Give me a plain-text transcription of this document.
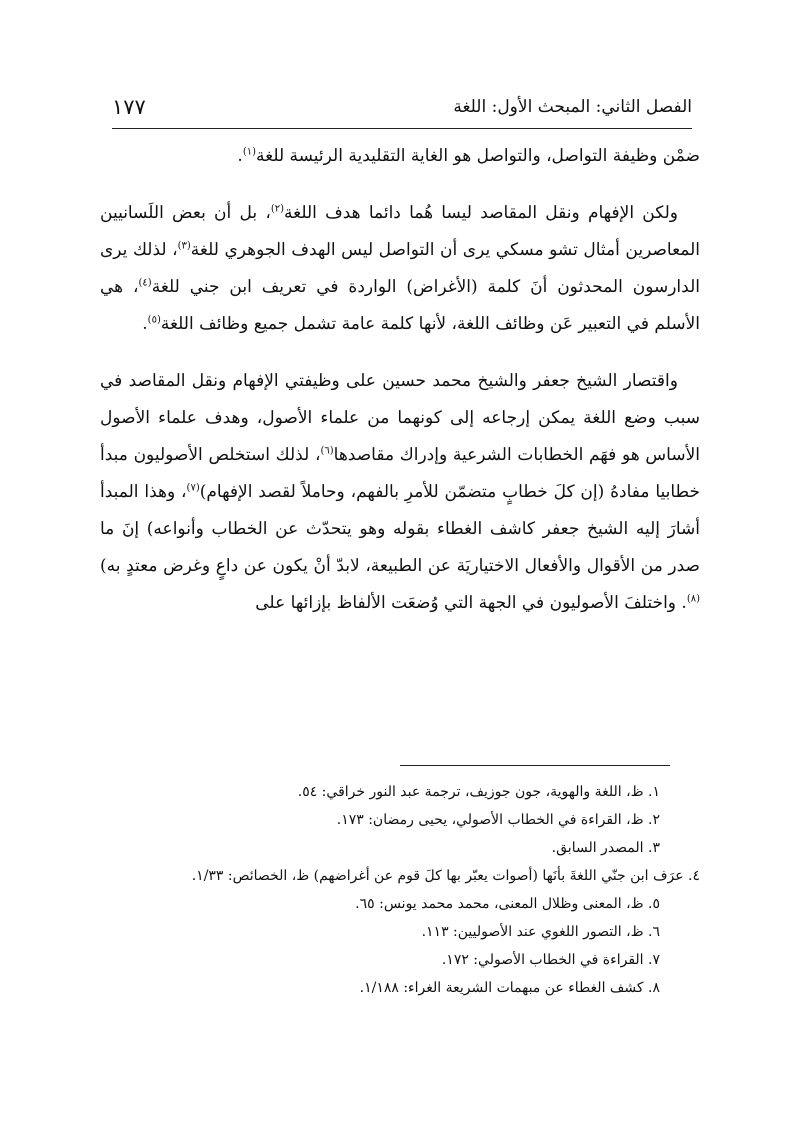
الفصل الثاني: المبحث الأول: اللغة
١٧٧

ضمْن وظيفة التواصل، والتواصل هو الغاية التقليدية الرئيسة للغة$^{(١)}$.

ولكن الإفهام ونقل المقاصد ليسا هُما دائما هدف اللغة$^{(٢)}$، بل أن بعض اللَسانيين المعاصرين أمثال تشو مسكي يرى أن التواصل ليس الهدف الجوهري للغة$^{(٣)}$، لذلك يرى الدارسون المحدثون أنَ كلمة (الأغراض) الواردة في تعريف ابن جني للغة$^{(٤)}$، هي الأسلم في التعبير عَن وظائف اللغة، لأنها كلمة عامة تشمل جميع وظائف اللغة$^{(٥)}$.

واقتصار الشيخ جعفر والشيخ محمد حسين على وظيفتي الإفهام ونقل المقاصد في سبب وضع اللغة يمكن إرجاعه إلى كونهما من علماء الأصول، وهدف علماء الأصول الأساس هو فهَم الخطابات الشرعية وإدراك مقاصدها$^{(٦)}$، لذلك استخلص الأصوليون مبدأ خطابيا مفادهُ (إن كلَ خطابٍ متضمّن للأمرِ بالفهم، وحاملاً لقصد الإفهام)$^{(٧)}$، وهذا المبدأ أشارَ إليه الشيخ جعفر كاشف الغطاء بقوله وهو يتحدّث عن الخطاب وأنواعه) إنَ ما صدر من الأقوال والأفعال الاختياريَة عن الطبيعة، لابدّ أنْ يكون عن داعٍ وغرض معتدٍ به)$^{(٨)}$. واختلفَ الأصوليون في الجهة التي وُضعَت الألفاظ بإزائها على

١. ظ، اللغة والهوية، جون جوزيف، ترجمة عبد النور خراقي: ٥٤.
٢. ظ، القراءة في الخطاب الأصولي، يحيى رمضان: ١٧٣.
٣. المصدر السابق.
٤. عرَف ابن جنّي اللغةَ بأنَها (أصوات يعبّر بها كلَ قوم عن أغراضهم) ظ، الخصائص: ١/٣٣.
٥. ظ، المعنى وظلال المعنى، محمد محمد يونس: ٦٥.
٦. ظ، التصور اللغوي عند الأصوليين: ١١٣.
٧. القراءة في الخطاب الأصولي: ١٧٢.
٨. كشف الغطاء عن مبهمات الشريعة الغراء: ١/١٨٨.
